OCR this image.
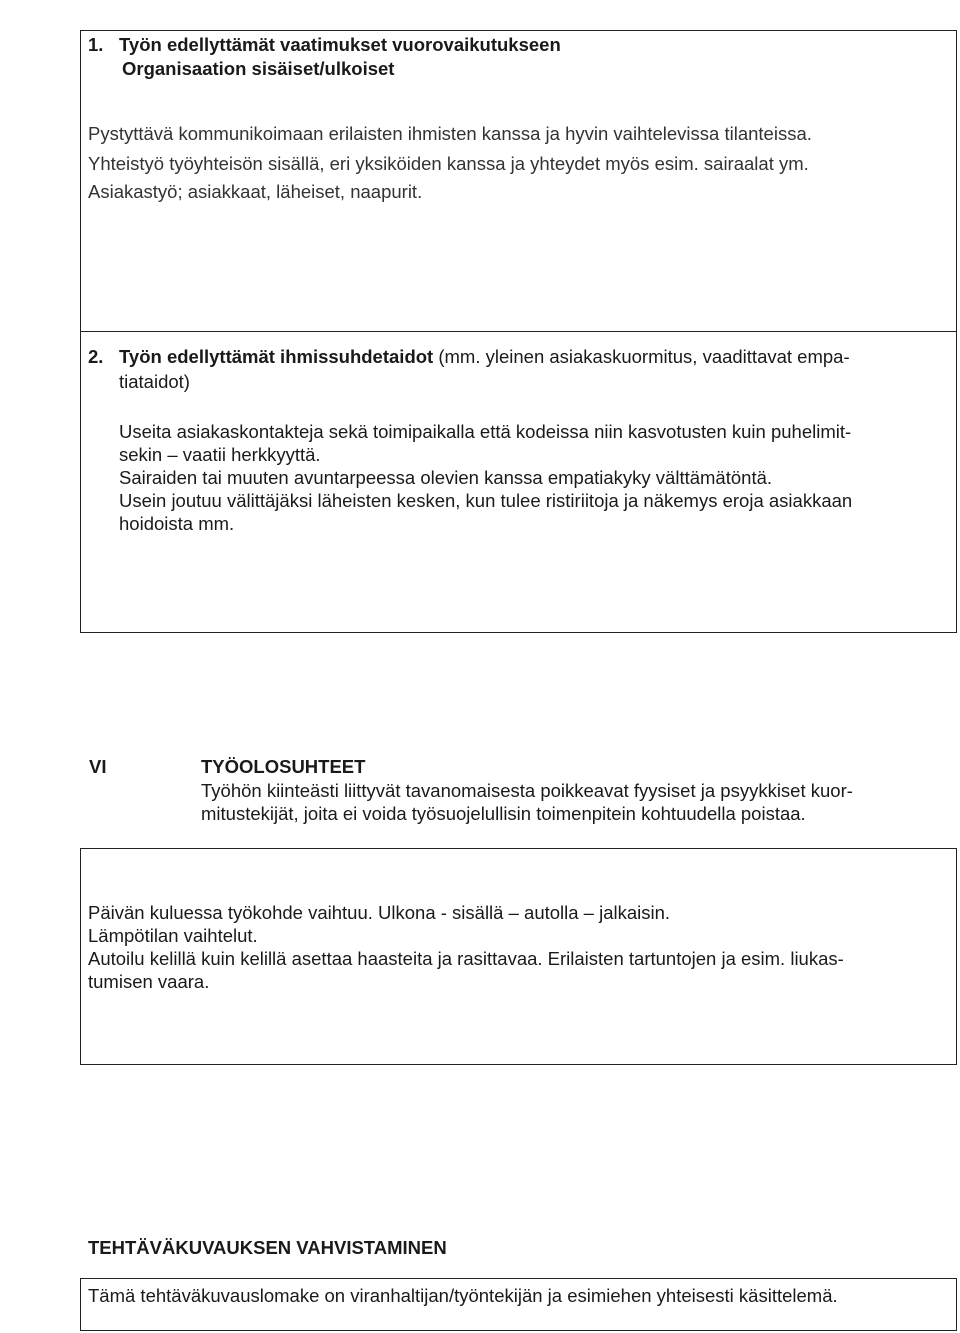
1. Työn edellyttämät vaatimukset vuorovaikutukseen
Organisaation sisäiset/ulkoiset
Pystyttävä kommunikoimaan erilaisten ihmisten kanssa ja hyvin vaihtelevissa tilanteissa.
Yhteistyö työyhteisön sisällä, eri yksiköiden kanssa ja yhteydet myös esim. sairaalat ym.
Asiakastyö; asiakkaat, läheiset, naapurit.
2. Työn edellyttämät ihmissuhdetaidot (mm. yleinen asiakaskuormitus, vaadittavat empa-
tiataidot)
Useita asiakaskontakteja sekä toimipaikalla että kodeissa niin kasvotusten kuin puhelimit-
sekin – vaatii herkkyyttä.
Sairaiden tai muuten avuntarpeessa olevien kanssa empatiakyky välttämätöntä.
Usein joutuu välittäjäksi läheisten kesken, kun tulee ristiriitoja ja näkemys eroja asiakkaan
hoidoista mm.
VI	TYÖOLOSUHTEET
Työhön kiinteästi liittyvät tavanomaisesta poikkeavat fyysiset ja psyykkiset kuor-
mitustekijät, joita ei voida työsuojelullisin toimenpitein kohtuudella poistaa.
Päivän kuluessa työkohde vaihtuu. Ulkona - sisällä – autolla – jalkaisin.
Lämpötilan vaihtelut.
Autoilu kelillä kuin kelillä asettaa haasteita ja rasittavaa. Erilaisten tartuntojen ja esim. liukas-
tumisen vaara.
TEHTÄVÄKUVAUKSEN VAHVISTAMINEN
Tämä tehtäväkuvauslomake on viranhaltijan/työntekijän ja esimiehen yhteisesti käsittelemä.
